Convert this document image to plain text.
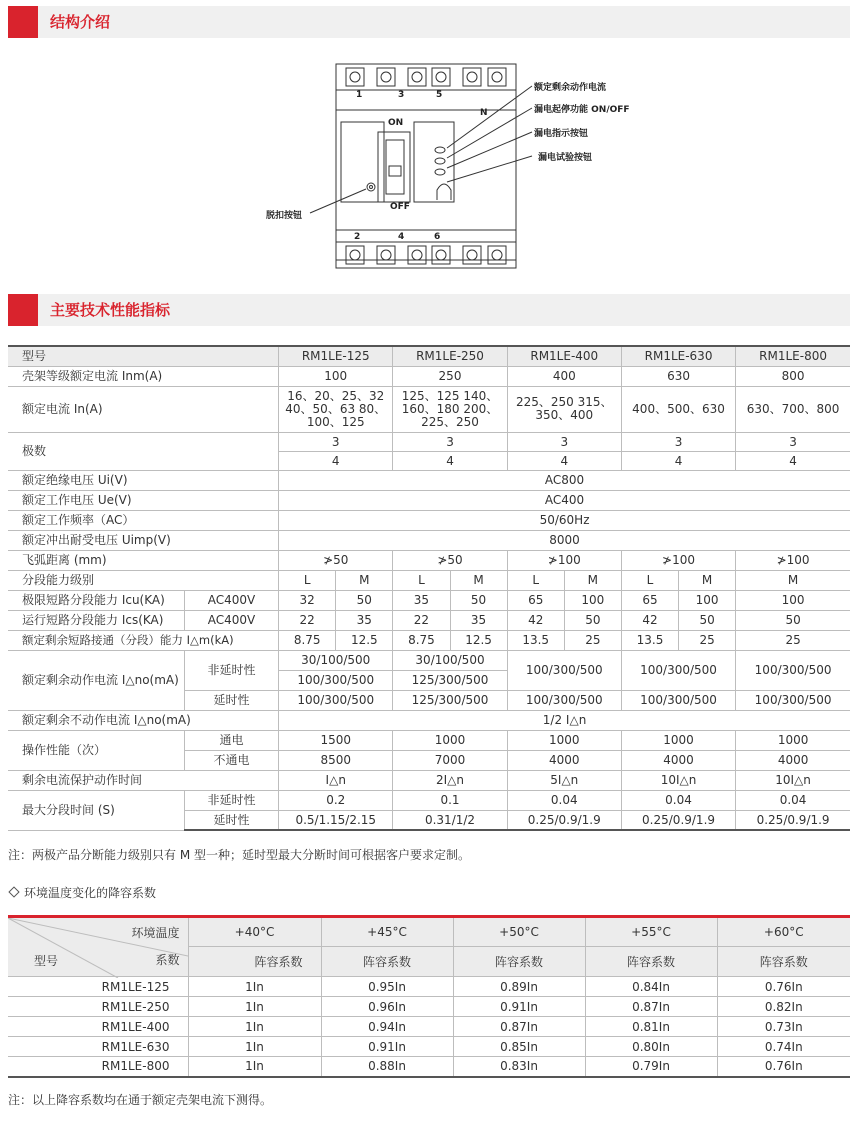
结构介绍
1	3	5
N
ON
OFF
2	4	6
额定剩余动作电流
漏电起停功能 ON/OFF
漏电指示按钮
漏电试验按钮
脱扣按钮
主要技术性能指标
型号		RM1LE-125		RM1LE-250		RM1LE-400		RM1LE-630		RM1LE-800
壳架等级额定电流 Inm(A)		100		250		400		630		800
额定电流 In(A)		16、20、25、32 40、50、63 80、100、125		125、125 140、160、180 200、225、250		225、250 315、350、400		400、500、630		630、700、800
极数		3		3		3		3		3
		4		4		4		4		4
额定绝缘电压 Ui(V)		AC800								
额定工作电压 Ue(V)		AC400								
额定工作频率（AC）		50/60Hz								
额定冲出耐受电压 Uimp(V)		8000								
飞弧距离 (mm)		≯50		≯50		≯100		≯100		≯100
分段能力级别		L	M	L	M	L	M	L	M	M
极限短路分段能力 Icu(KA)	AC400V	32	50	35	50	65	100	65	100	100
运行短路分段能力 Ics(KA)	AC400V	22	35	22	35	42	50	42	50	50
额定剩余短路接通（分段）能力 I△m(kA)		8.75	12.5	8.75	12.5	13.5	25	13.5	25	25
额定剩余动作电流 I△no(mA)	非延时性	30/100/500		30/100/500		100/300/500		100/300/500		100/300/500
		100/300/500		125/300/500						
	延时性	100/300/500		125/300/500		100/300/500		100/300/500		100/300/500
额定剩余不动作电流 I△no(mA)		1/2 I△n								
操作性能（次）	通电	1500		1000		1000		1000		1000
	不通电	8500		7000		4000		4000		4000
剩余电流保护动作时间		I△n		2I△n		5I△n		10I△n		10I△n
最大分段时间 (S)	非延时性	0.2		0.1		0.04		0.04		0.04
	延时性	0.5/1.15/2.15		0.31/1/2		0.25/0.9/1.9		0.25/0.9/1.9		0.25/0.9/1.9
注：两极产品分断能力级别只有 M 型一种；延时型最大分断时间可根据客户要求定制。
环境温度变化的降容系数
环境温度
系数
型号	+40°C	+45°C	+50°C	+55°C	+60°C
	阵容系数	阵容系数	阵容系数	阵容系数	阵容系数
RM1LE-125	1In	0.95In	0.89In	0.84In	0.76In
RM1LE-250	1In	0.96In	0.91In	0.87In	0.82In
RM1LE-400	1In	0.94In	0.87In	0.81In	0.73In
RM1LE-630	1In	0.91In	0.85In	0.80In	0.74In
RM1LE-800	1In	0.88In	0.83In	0.79In	0.76In
注：以上降容系数均在通于额定壳架电流下测得。
